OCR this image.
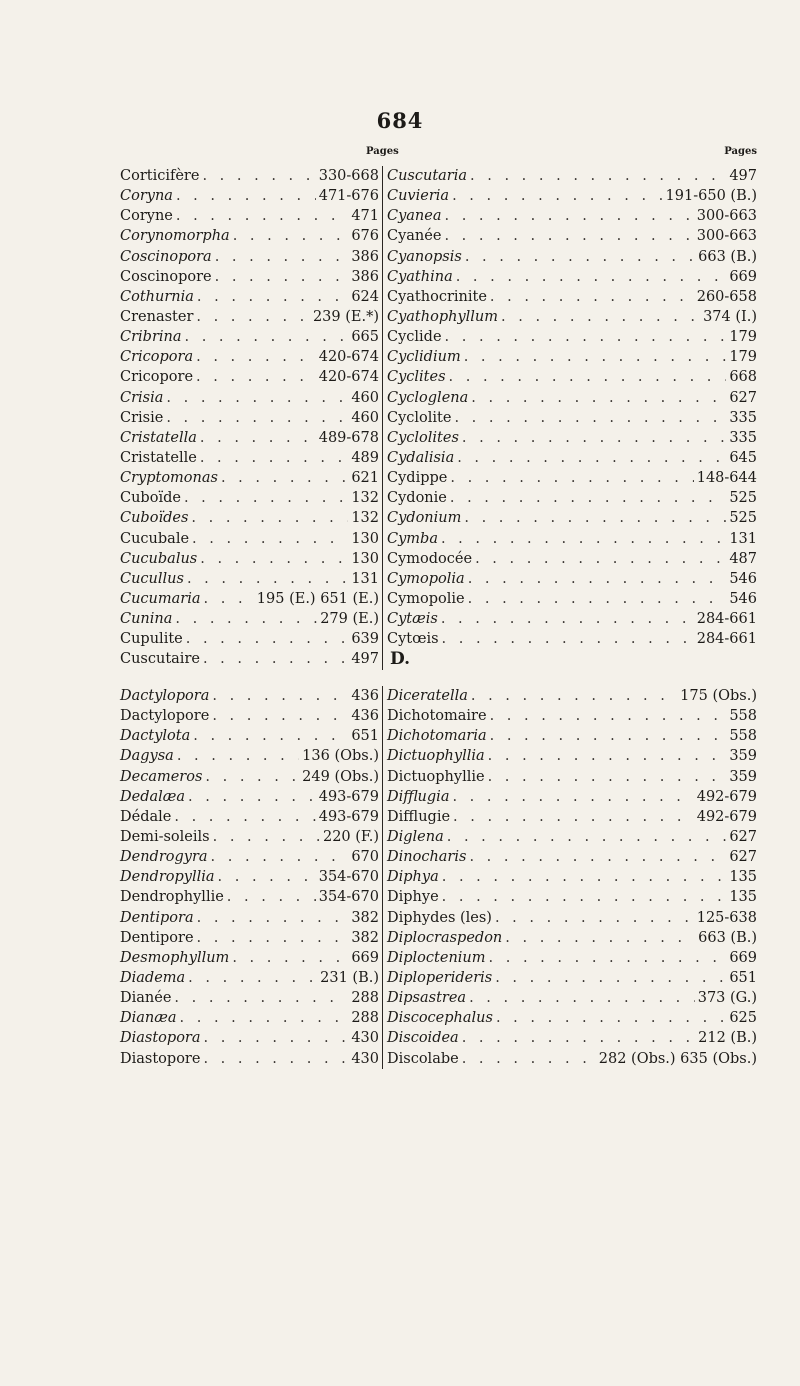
684
Pages	Pages
Corticifère . . .	330-668
Coryna . . .	471-676
Coryne . . .	471
Corynomorpha . . .	676
Coscinopora . . .	386
Coscinopore . . .	386
Cothurnia . . .	624
Crenaster . . .	239 (E.*)
Cribrina . . .	665
Cricopora . . .	420-674
Cricopore . . .	420-674
Crisia . . .	460
Crisie . . .	460
Cristatella . . .	489-678
Cristatelle . . .	489
Cryptomonas . . .	621
Cuboïde . . .	132
Cuboïdes . . .	132
Cucubale . . .	130
Cucubalus . . .	130
Cucullus . . .	131
Cucumaria . . .	195 (E.) 651 (E.)
Cunina . . .	279 (E.)
Cupulite . . .	639
Cuscutaire . . .	497
Cuscutaria . . .	497
Cuvieria . . .	191-650 (B.)
Cyanea . . .	300-663
Cyanée . . .	300-663
Cyanopsis . . .	663 (B.)
Cyathina . . .	669
Cyathocrinite . . .	260-658
Cyathophyllum . . .	374 (I.)
Cyclide . . .	179
Cyclidium . . .	179
Cyclites . . .	668
Cycloglena . . .	627
Cyclolite . . .	335
Cyclolites . . .	335
Cydalisia . . .	645
Cydippe . . .	148-644
Cydonie . . .	525
Cydonium . . .	525
Cymba . . .	131
Cymodocée . . .	487
Cymopolia . . .	546
Cymopolie . . .	546
Cytæis . . .	284-661
Cytœis . . .	284-661
D.
Dactylopora . . .	436
Dactylopore . . .	436
Dactylota . . .	651
Dagysa . . .	136 (Obs.)
Decameros . . .	249 (Obs.)
Dedalæa . . .	493-679
Dédale . . .	493-679
Demi-soleils . . .	220 (F.)
Dendrogyra . . .	670
Dendropyllia . . .	354-670
Dendrophyllie . . .	354-670
Dentipora . . .	382
Dentipore . . .	382
Desmophyllum . . .	669
Diadema . . .	231 (B.)
Dianée . . .	288
Dianæa . . .	288
Diastopora . . .	430
Diastopore . . .	430
Diceratella . . .	175 (Obs.)
Dichotomaire . . .	558
Dichotomaria . . .	558
Dictuophyllia . . .	359
Dictuophyllie . . .	359
Difflugia . . .	492-679
Difflugie . . .	492-679
Diglena . . .	627
Dinocharis . . .	627
Diphya . . .	135
Diphye . . .	135
Diphydes (les) . . .	125-638
Diplocraspedon . . .	663 (B.)
Diploctenium . . .	669
Diploperideris . . .	651
Dipsastrea . . .	373 (G.)
Discocephalus . . .	625
Discoidea . . .	212 (B.)
Discolabe . . .	282 (Obs.) 635 (Obs.)
